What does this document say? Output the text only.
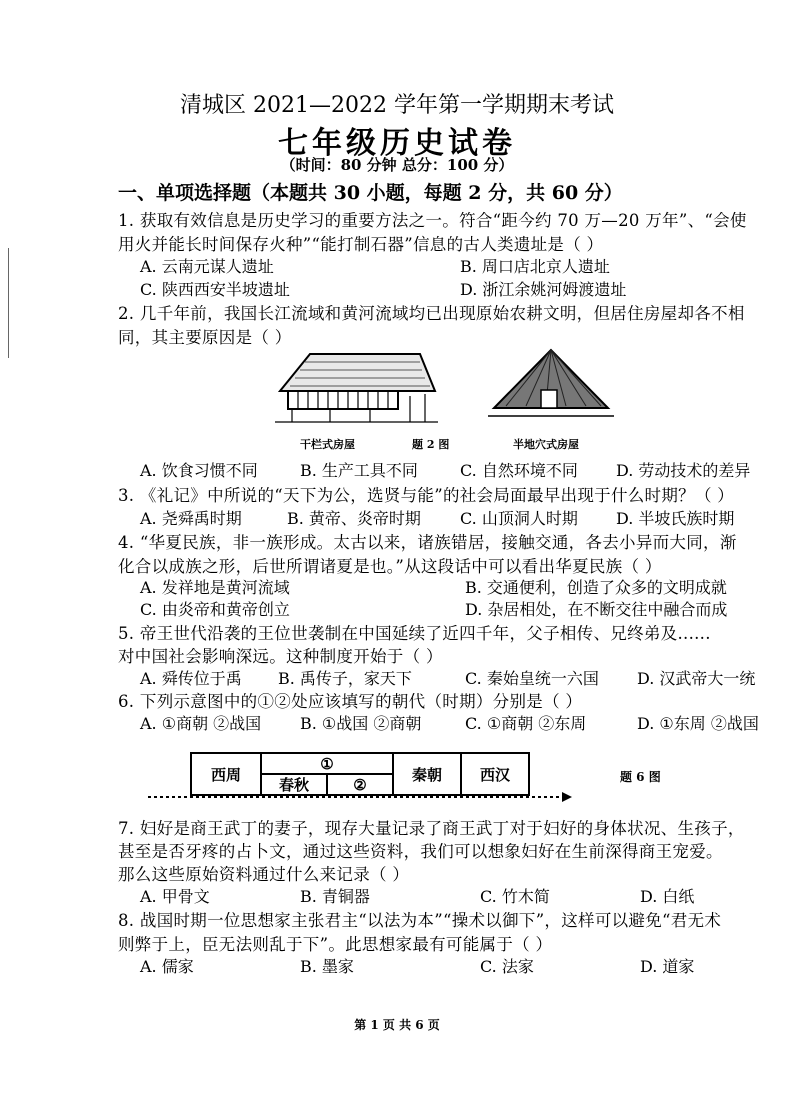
清城区 2021—2022 学年第一学期期末考试
七年级历史试卷
（时间：80 分钟 总分：100 分）
一、单项选择题（本题共 30 小题，每题 2 分，共 60 分）
1. 获取有效信息是历史学习的重要方法之一。符合“距今约 70 万—20 万年”、“会使
用火并能长时间保存火种”“能打制石器”信息的古人类遗址是（ ）
A. 云南元谋人遗址	B. 周口店北京人遗址
C. 陕西西安半坡遗址	D. 浙江余姚河姆渡遗址
2. 几千年前，我国长江流域和黄河流域均已出现原始农耕文明，但居住房屋却各不相
同，其主要原因是（ ）
干栏式房屋	题 2 图	半地穴式房屋
A. 饮食习惯不同	B. 生产工具不同	C. 自然环境不同 D. 劳动技术的差异
3. 《礼记》中所说的“天下为公，选贤与能”的社会局面最早出现于什么时期？（ ）
A. 尧舜禹时期	B. 黄帝、炎帝时期 C. 山顶洞人时期 D. 半坡氏族时期
4. “华夏民族，非一族形成。太古以来，诸族错居，接触交通，各去小异而大同，渐
化合以成族之形，后世所谓诸夏是也。”从这段话中可以看出华夏民族（ ）
A. 发祥地是黄河流域	B. 交通便利，创造了众多的文明成就
C. 由炎帝和黄帝创立	D. 杂居相处，在不断交往中融合而成
5. 帝王世代沿袭的王位世袭制在中国延续了近四千年，父子相传、兄终弟及......
对中国社会影响深远。这种制度开始于（ ）
A. 舜传位于禹 B. 禹传子，家天下	C. 秦始皇统一六国 D. 汉武帝大一统
6. 下列示意图中的①②处应该填写的朝代（时期）分别是（ ）
A. ①商朝 ②战国 B. ①战国 ②商朝	C. ①商朝 ②东周	D. ①东周 ②战国
西周
①
春秋	②
秦朝	西汉	题 6 图
7. 妇好是商王武丁的妻子，现存大量记录了商王武丁对于妇好的身体状况、生孩子，
甚至是否牙疼的占卜文，通过这些资料，我们可以想象妇好在生前深得商王宠爱。
那么这些原始资料通过什么来记录（ ）
A. 甲骨文	B. 青铜器	C. 竹木简	D. 白纸
8. 战国时期一位思想家主张君主“以法为本”“操术以御下”，这样可以避免“君无术
则弊于上，臣无法则乱于下”。此思想家最有可能属于（ ）
A. 儒家	B. 墨家	C. 法家	D. 道家
第 1 页 共 6 页
